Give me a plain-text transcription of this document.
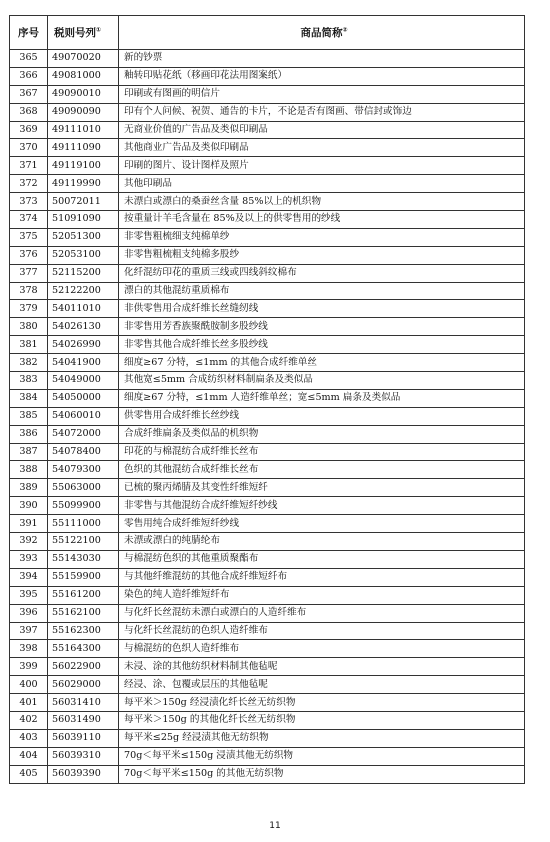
序号	税则号列①	商品简称②
365	49070020	新的钞票
366	49081000	釉转印贴花纸（移画印花法用图案纸）
367	49090010	印刷或有图画的明信片
368	49090090	印有个人问候、祝贺、通告的卡片，不论是否有图画、带信封或饰边
369	49111010	无商业价值的广告品及类似印刷品
370	49111090	其他商业广告品及类似印刷品
371	49119100	印刷的图片、设计图样及照片
372	49119990	其他印刷品
373	50072011	未漂白或漂白的桑蚕丝含量 85%以上的机织物
374	51091090	按重量计羊毛含量在 85%及以上的供零售用的纱线
375	52051300	非零售粗梳细支纯棉单纱
376	52053100	非零售粗梳粗支纯棉多股纱
377	52115200	化纤混纺印花的重质三线或四线斜纹棉布
378	52122200	漂白的其他混纺重质棉布
379	54011010	非供零售用合成纤维长丝缝纫线
380	54026130	非零售用芳香族聚酰胺制多股纱线
381	54026990	非零售其他合成纤维长丝多股纱线
382	54041900	细度≥67 分特，≤1mm 的其他合成纤维单丝
383	54049000	其他宽≤5mm 合成纺织材料制扁条及类似品
384	54050000	细度≥67 分特，≤1mm 人造纤维单丝；宽≤5mm 扁条及类似品
385	54060010	供零售用合成纤维长丝纱线
386	54072000	合成纤维扁条及类似品的机织物
387	54078400	印花的与棉混纺合成纤维长丝布
388	54079300	色织的其他混纺合成纤维长丝布
389	55063000	已梳的聚丙烯腈及其变性纤维短纤
390	55099900	非零售与其他混纺合成纤维短纤纱线
391	55111000	零售用纯合成纤维短纤纱线
392	55122100	未漂或漂白的纯腈纶布
393	55143030	与棉混纺色织的其他重质聚酯布
394	55159900	与其他纤维混纺的其他合成纤维短纤布
395	55161200	染色的纯人造纤维短纤布
396	55162100	与化纤长丝混纺未漂白或漂白的人造纤维布
397	55162300	与化纤长丝混纺的色织人造纤维布
398	55164300	与棉混纺的色织人造纤维布
399	56022900	未浸、涂的其他纺织材料制其他毡呢
400	56029000	经浸、涂、包覆或层压的其他毡呢
401	56031410	每平米＞150g 经浸渍化纤长丝无纺织物
402	56031490	每平米＞150g 的其他化纤长丝无纺织物
403	56039110	每平米≤25g 经浸渍其他无纺织物
404	56039310	70g＜每平米≤150g 浸渍其他无纺织物
405	56039390	70g＜每平米≤150g 的其他无纺织物
11
